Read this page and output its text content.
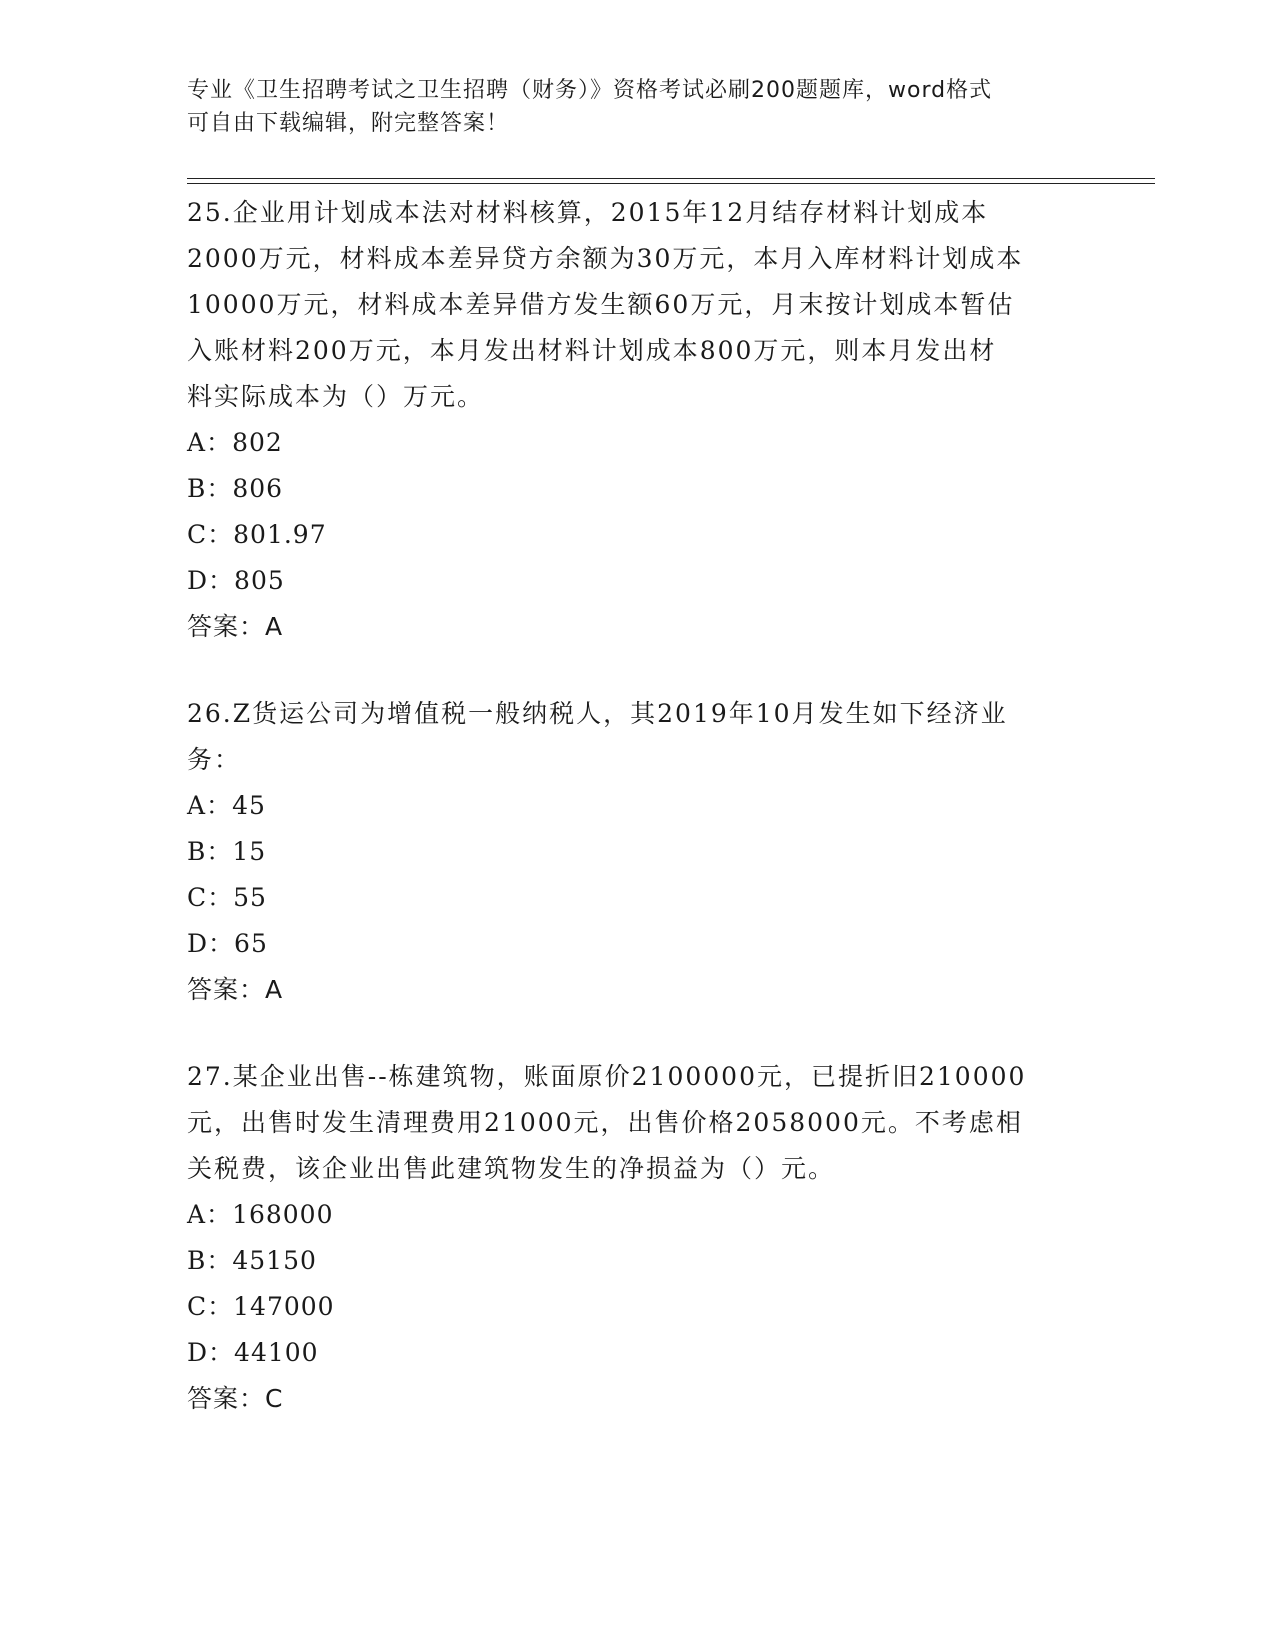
专业《卫生招聘考试之卫生招聘（财务）》资格考试必刷200题题库，word格式
可自由下载编辑，附完整答案！
25.企业用计划成本法对材料核算，2015年12月结存材料计划成本
2000万元，材料成本差异贷方余额为30万元，本月入库材料计划成本
10000万元，材料成本差异借方发生额60万元，月末按计划成本暂估
入账材料200万元，本月发出材料计划成本800万元，则本月发出材
料实际成本为（）万元。
A：802
B：806
C：801.97
D：805
答案：A
26.Z货运公司为增值税一般纳税人，其2019年10月发生如下经济业
务：
A：45
B：15
C：55
D：65
答案：A
27.某企业出售--栋建筑物，账面原价2100000元，已提折旧210000
元，出售时发生清理费用21000元，出售价格2058000元。不考虑相
关税费，该企业出售此建筑物发生的净损益为（）元。
A：168000
B：45150
C：147000
D：44100
答案：C
